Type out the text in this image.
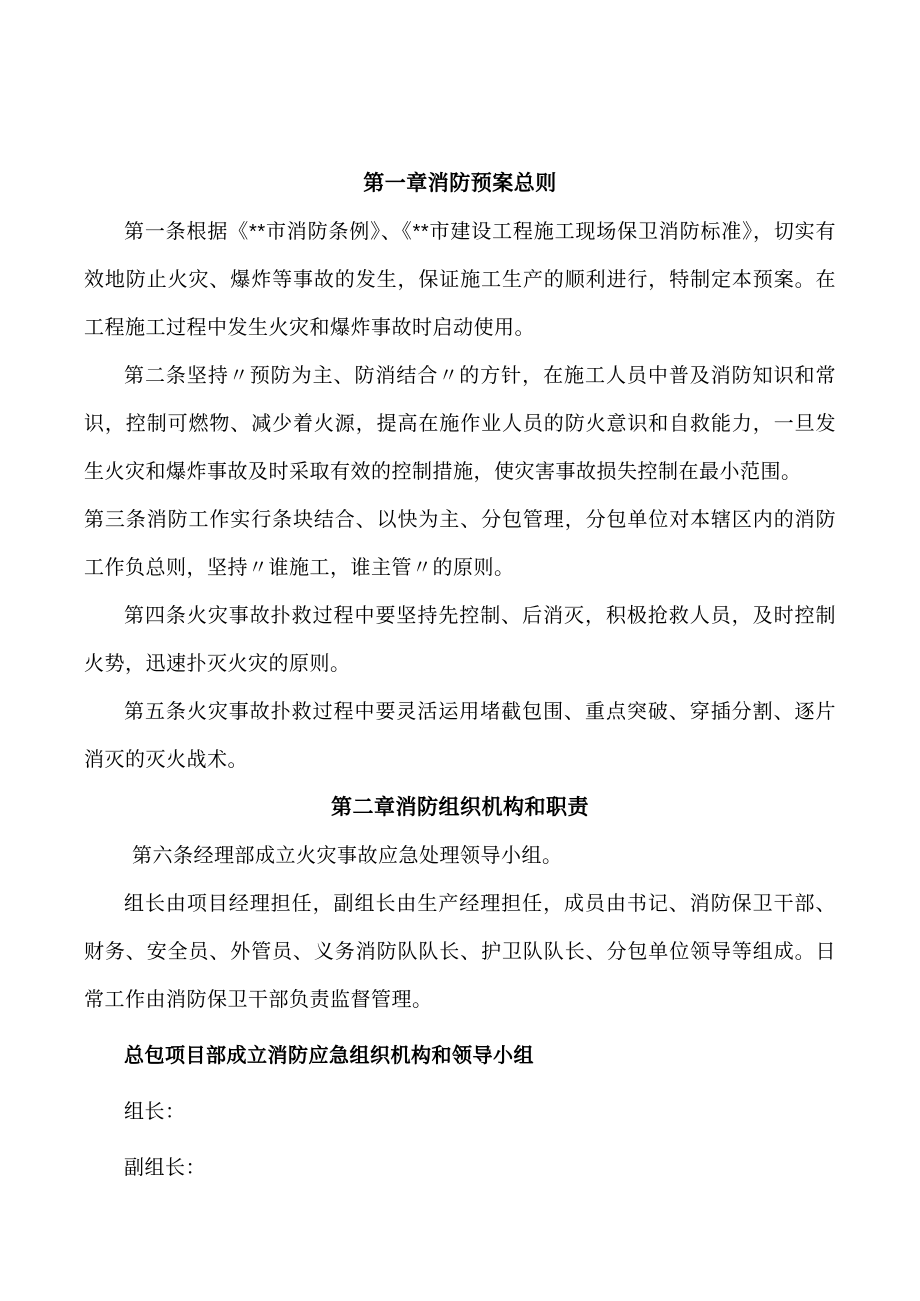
第一章消防预案总则
第一条根据《**市消防条例》、《**市建设工程施工现场保卫消防标准》，切实有效地防止火灾、爆炸等事故的发生，保证施工生产的顺利进行，特制定本预案。在工程施工过程中发生火灾和爆炸事故时启动使用。
第二条坚持〃预防为主、防消结合〃的方针，在施工人员中普及消防知识和常识，控制可燃物、减少着火源，提高在施作业人员的防火意识和自救能力，一旦发生火灾和爆炸事故及时采取有效的控制措施，使灾害事故损失控制在最小范围。
第三条消防工作实行条块结合、以快为主、分包管理，分包单位对本辖区内的消防工作负总则，坚持〃谁施工，谁主管〃的原则。
第四条火灾事故扑救过程中要坚持先控制、后消灭，积极抢救人员，及时控制火势，迅速扑灭火灾的原则。
第五条火灾事故扑救过程中要灵活运用堵截包围、重点突破、穿插分割、逐片消灭的灭火战术。
第二章消防组织机构和职责
第六条经理部成立火灾事故应急处理领导小组。
组长由项目经理担任，副组长由生产经理担任，成员由书记、消防保卫干部、财务、安全员、外管员、义务消防队队长、护卫队队长、分包单位领导等组成。日常工作由消防保卫干部负责监督管理。
总包项目部成立消防应急组织机构和领导小组
组长：
副组长：
